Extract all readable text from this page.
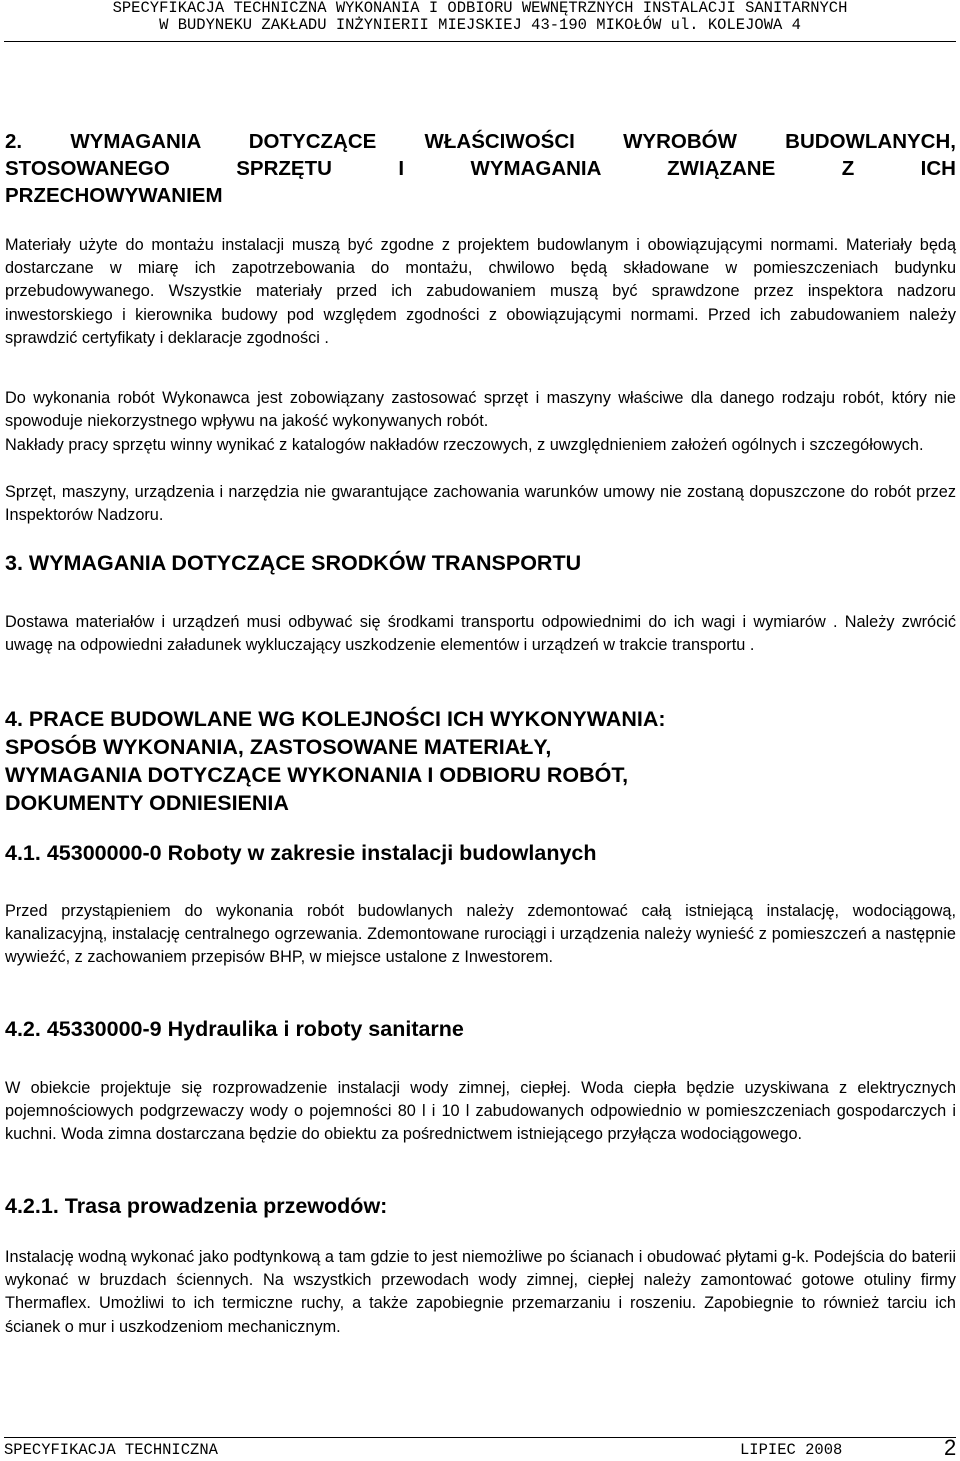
SPECYFIKACJA TECHNICZNA WYKONANIA I ODBIORU WEWNĘTRZNYCH INSTALACJI SANITARNYCH
W BUDYNEKU ZAKŁADU INŻYNIERII MIEJSKIEJ 43-190 MIKOŁÓW ul. KOLEJOWA 4
2. WYMAGANIA DOTYCZĄCE WŁAŚCIWOŚCI WYROBÓW BUDOWLANYCH,
STOSOWANEGO SPRZĘTU I WYMAGANIA ZWIĄZANE Z ICH
PRZECHOWYWANIEM
Materiały użyte do montażu instalacji muszą być zgodne z projektem budowlanym i obowiązującymi normami. Materiały będą dostarczane w miarę ich zapotrzebowania do montażu, chwilowo będą składowane w pomieszczeniach budynku przebudowywanego. Wszystkie materiały przed ich zabudowaniem muszą być sprawdzone przez inspektora nadzoru inwestorskiego i kierownika budowy pod względem zgodności z obowiązującymi normami. Przed ich zabudowaniem należy sprawdzić certyfikaty i deklaracje zgodności .
Do wykonania robót Wykonawca jest zobowiązany zastosować sprzęt i maszyny właściwe dla danego rodzaju robót, który nie spowoduje niekorzystnego wpływu na jakość wykonywanych robót.
Nakłady pracy sprzętu winny wynikać z katalogów nakładów rzeczowych, z uwzględnieniem założeń ogólnych i szczegółowych.
Sprzęt, maszyny, urządzenia i narzędzia nie gwarantujące zachowania warunków umowy nie zostaną dopuszczone do robót przez Inspektorów Nadzoru.
3. WYMAGANIA DOTYCZĄCE SRODKÓW TRANSPORTU
Dostawa materiałów i urządzeń musi odbywać się środkami transportu odpowiednimi do ich wagi i wymiarów . Należy zwrócić uwagę na odpowiedni załadunek wykluczający uszkodzenie elementów i urządzeń w trakcie transportu .
4. PRACE BUDOWLANE WG KOLEJNOŚCI ICH WYKONYWANIA:
SPOSÓB WYKONANIA, ZASTOSOWANE MATERIAŁY,
WYMAGANIA DOTYCZĄCE WYKONANIA I ODBIORU ROBÓT,
DOKUMENTY ODNIESIENIA
4.1. 45300000-0 Roboty w zakresie instalacji budowlanych
Przed przystąpieniem do wykonania robót budowlanych należy zdemontować całą istniejącą instalację, wodociągową, kanalizacyjną, instalację centralnego ogrzewania. Zdemontowane rurociągi i urządzenia należy wynieść z pomieszczeń a następnie wywieźć, z zachowaniem przepisów BHP, w miejsce ustalone z Inwestorem.
4.2. 45330000-9 Hydraulika i roboty sanitarne
W obiekcie projektuje się rozprowadzenie instalacji wody zimnej, ciepłej. Woda ciepła będzie uzyskiwana z elektrycznych pojemnościowych podgrzewaczy wody o pojemności 80 l i 10 l zabudowanych odpowiednio w pomieszczeniach gospodarczych i kuchni. Woda zimna dostarczana będzie do obiektu za pośrednictwem istniejącego przyłącza wodociągowego.
4.2.1. Trasa prowadzenia przewodów:
Instalację wodną wykonać jako podtynkową a tam gdzie to jest niemożliwe po ścianach i obudować płytami g-k. Podejścia do baterii wykonać w bruzdach ściennych. Na wszystkich przewodach wody zimnej, ciepłej należy zamontować gotowe otuliny firmy Thermaflex. Umożliwi to ich termiczne ruchy, a także zapobiegnie przemarzaniu i roszeniu. Zapobiegnie to również tarciu ich ścianek o mur i uszkodzeniom mechanicznym.
SPECYFIKACJA TECHNICZNA	LIPIEC 2008	2
